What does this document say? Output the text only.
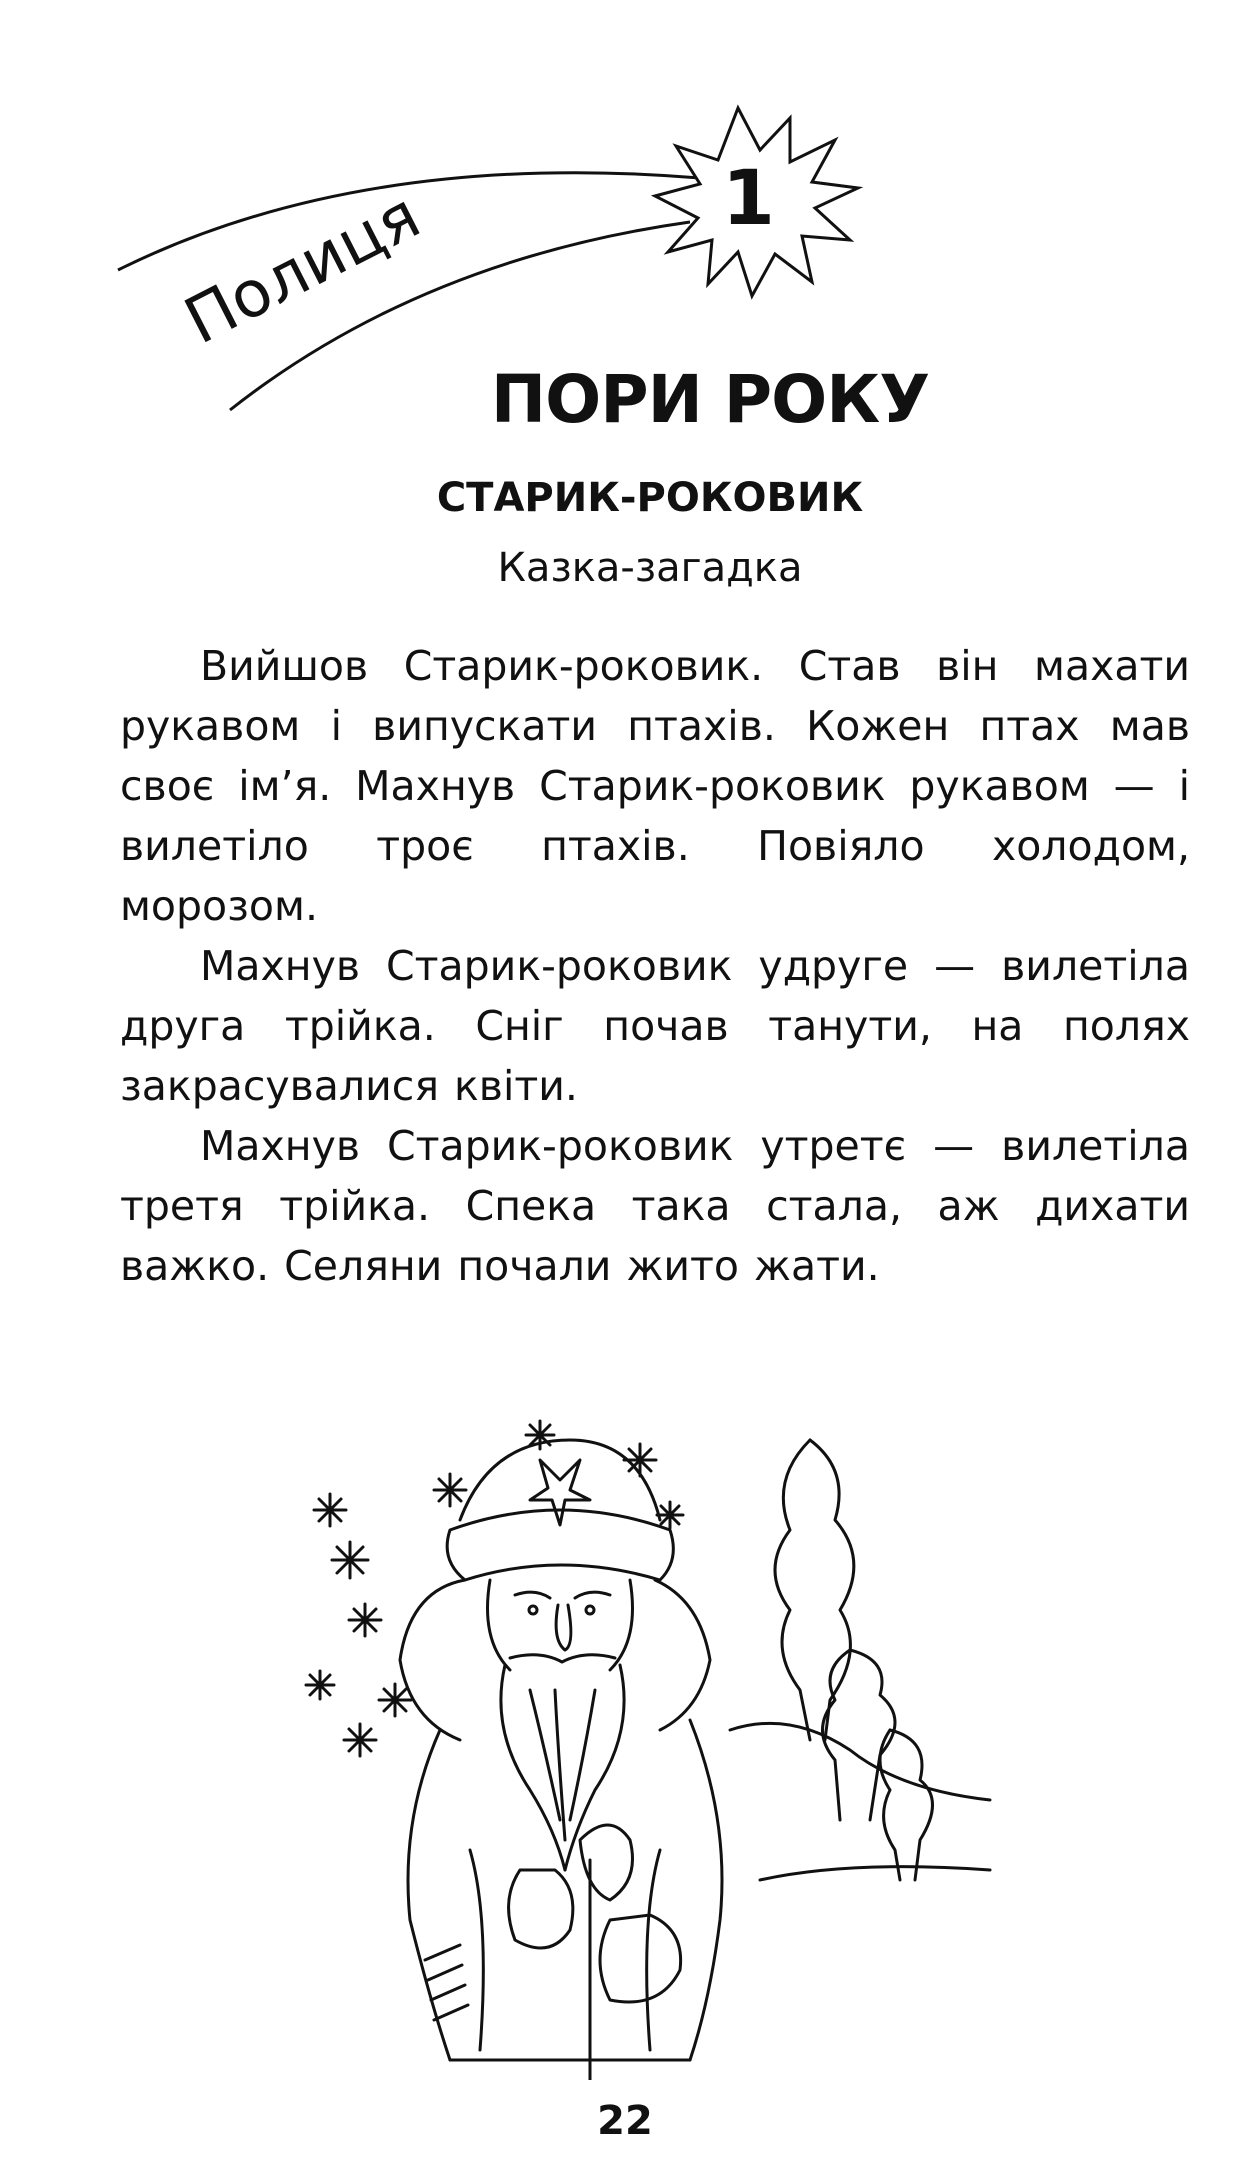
Полиця	1
ПОРИ РОКУ
СТАРИК-РОКОВИК
Казка-загадка

Вийшов Старик-роковик. Став він махати рукавом і випускати птахів. Кожен птах мав своє ім’я. Махнув Старик-роковик рукавом — і вилетіло троє птахів. Повіяло холодом, морозом.

Махнув Старик-роковик удруге — вилетіла друга трійка. Сніг почав танути, на полях закрасувалися квіти.

Махнув Старик-роковик утретє — вилетіла третя трійка. Спека така стала, аж дихати важко. Селяни почали жито жати.

22
